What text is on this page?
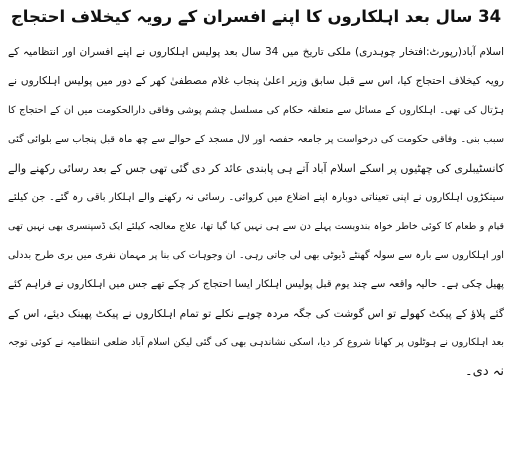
34 سال بعد اہلکاروں کا اپنے افسران کے رویہ کیخلاف احتجاج
اسلام آباد(رپورٹ:افتخار چوہدری) ملکی تاریخ میں 34 سال بعد پولیس اہلکاروں نے اپنے افسران اور انتظامیہ کے
رویہ کیخلاف احتجاج کیا، اس سے قبل سابق وزیر اعلیٰ پنجاب غلام مصطفیٰ کھر کے دور میں پولیس اہلکاروں نے
ہڑتال کی تھی۔ اہلکاروں کے مسائل سے متعلقہ حکام کی مسلسل چشم پوشی وفاقی دارالحکومت میں ان کے احتجاج کا
سبب بنی۔ وفاقی حکومت کی درخواست پر جامعہ حفصہ اور لال مسجد کے حوالے سے چھ ماہ قبل پنجاب سے بلوائی گئی
کانسٹیبلری کی چھٹیوں پر اسکے اسلام آباد آتے ہی پابندی عائد کر دی گئی تھی جس کے بعد رسائی رکھنے والے
سینکڑوں اہلکاروں نے اپنی تعیناتی دوبارہ اپنے اضلاع میں کروائی۔ رسائی نہ رکھنے والے اہلکار باقی رہ گئے۔ جن کیلئے
قیام و طعام کا کوئی خاطر خواہ بندوبست پہلے دن سے ہی نہیں کیا گیا تھا، علاج معالجہ کیلئے ایک ڈسپنسری بھی نہیں تھی
اور اہلکاروں سے بارہ سے سولہ گھنٹے ڈیوٹی بھی لی جاتی رہی۔ ان وجوہات کی بنا پر مہمان نفری میں بری طرح بددلی
پھیل چکی ہے۔ حالیہ واقعہ سے چند یوم قبل پولیس اہلکار ایسا احتجاج کر چکے تھے جس میں اہلکاروں نے فراہم کئے
گئے پلاؤ کے پیکٹ کھولے تو اس گوشت کی جگہ مردہ چوہے نکلے تو تمام اہلکاروں نے پیکٹ پھینک دیئے، اس کے
بعد اہلکاروں نے ہوٹلوں پر کھانا شروع کر دیا، اسکی نشاندہی بھی کی گئی لیکن اسلام آباد ضلعی انتظامیہ نے کوئی توجہ
نہ دی۔
